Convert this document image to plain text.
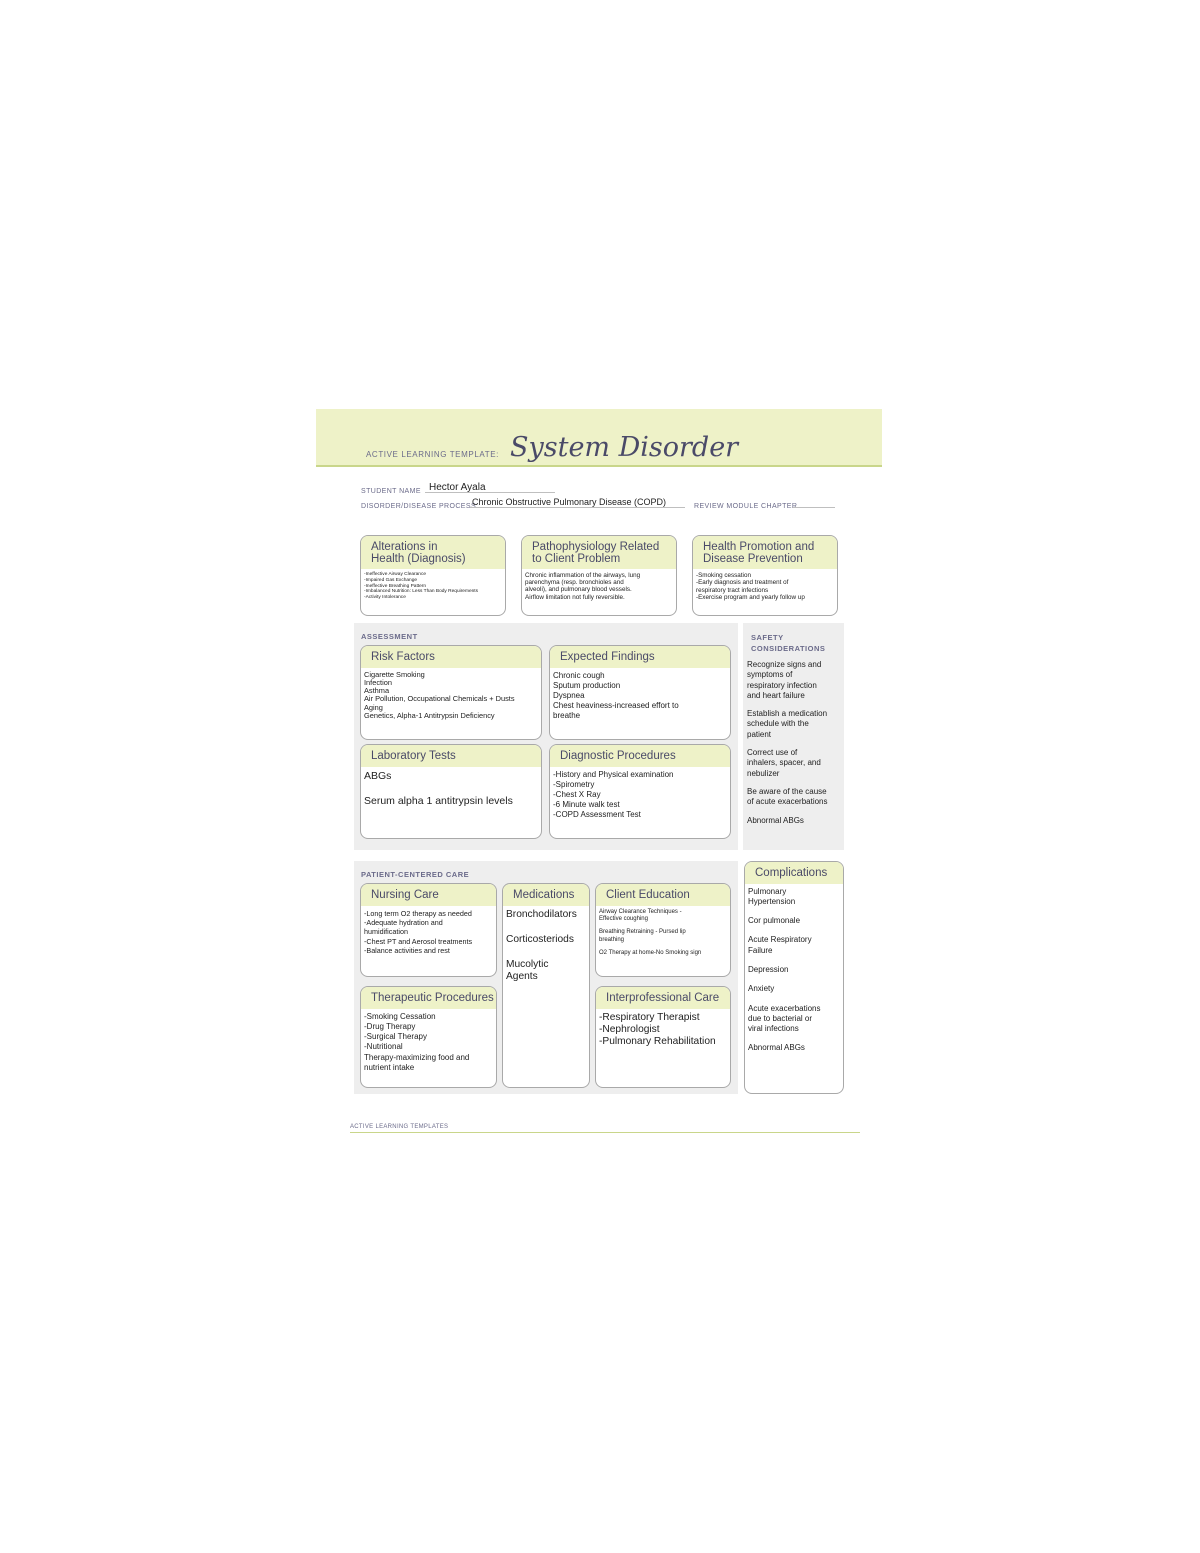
ACTIVE LEARNING TEMPLATE: System Disorder
STUDENT NAME Hector Ayala
DISORDER/DISEASE PROCESS
Chronic Obstructive Pulmonary Disease (COPD)	REVIEW MODULE CHAPTER
Alterations in
Health (Diagnosis)
-Ineffective Airway Clearance
-Impaired Gas Exchange
-Ineffective Breathing Pattern
-Imbalanced Nutrition: Less Than Body Requirements
-Activity Intolerance
Pathophysiology Related
to Client Problem
Chronic inflammation of the airways, lung
parenchyma (resp. bronchioles and
alveoli), and pulmonary blood vessels.
Airflow limitation not fully reversible.
Health Promotion and
Disease Prevention
-Smoking cessation
-Early diagnosis and treatment of
respiratory tract infections
-Exercise program and yearly follow up
ASSESSMENT
Risk Factors
Cigarette Smoking
Infection
Asthma
Air Pollution, Occupational Chemicals + Dusts
Aging
Genetics, Alpha-1 Antitrypsin Deficiency
Expected Findings
Chronic cough
Sputum production
Dyspnea
Chest heaviness-increased effort to
breathe
Laboratory Tests
ABGs
Serum alpha 1 antitrypsin levels
Diagnostic Procedures
-History and Physical examination
-Spirometry
-Chest X Ray
-6 Minute walk test
-COPD Assessment Test
SAFETY
CONSIDERATIONS
Recognize signs and
symptoms of
respiratory infection
and heart failure
Establish a medication
schedule with the
patient
Correct use of
inhalers, spacer, and
nebulizer
Be aware of the cause
of acute exacerbations
Abnormal ABGs
PATIENT-CENTERED CARE
Nursing Care
-Long term O2 therapy as needed
-Adequate hydration and
humidification
-Chest PT and Aerosol treatments
-Balance activities and rest
Medications
Bronchodilators
Corticosteriods
Mucolytic
Agents
Client Education
Airway Clearance Techniques -
Effective coughing
Breathing Retraining - Pursed lip
breathing
O2 Therapy at home-No Smoking sign
Therapeutic Procedures
-Smoking Cessation
-Drug Therapy
-Surgical Therapy
-Nutritional
Therapy-maximizing food and
nutrient intake
Interprofessional Care
-Respiratory Therapist
-Nephrologist
-Pulmonary Rehabilitation
Complications
Pulmonary
Hypertension
Cor pulmonale
Acute Respiratory
Failure
Depression
Anxiety
Acute exacerbations
due to bacterial or
viral infections
Abnormal ABGs
ACTIVE LEARNING TEMPLATES
